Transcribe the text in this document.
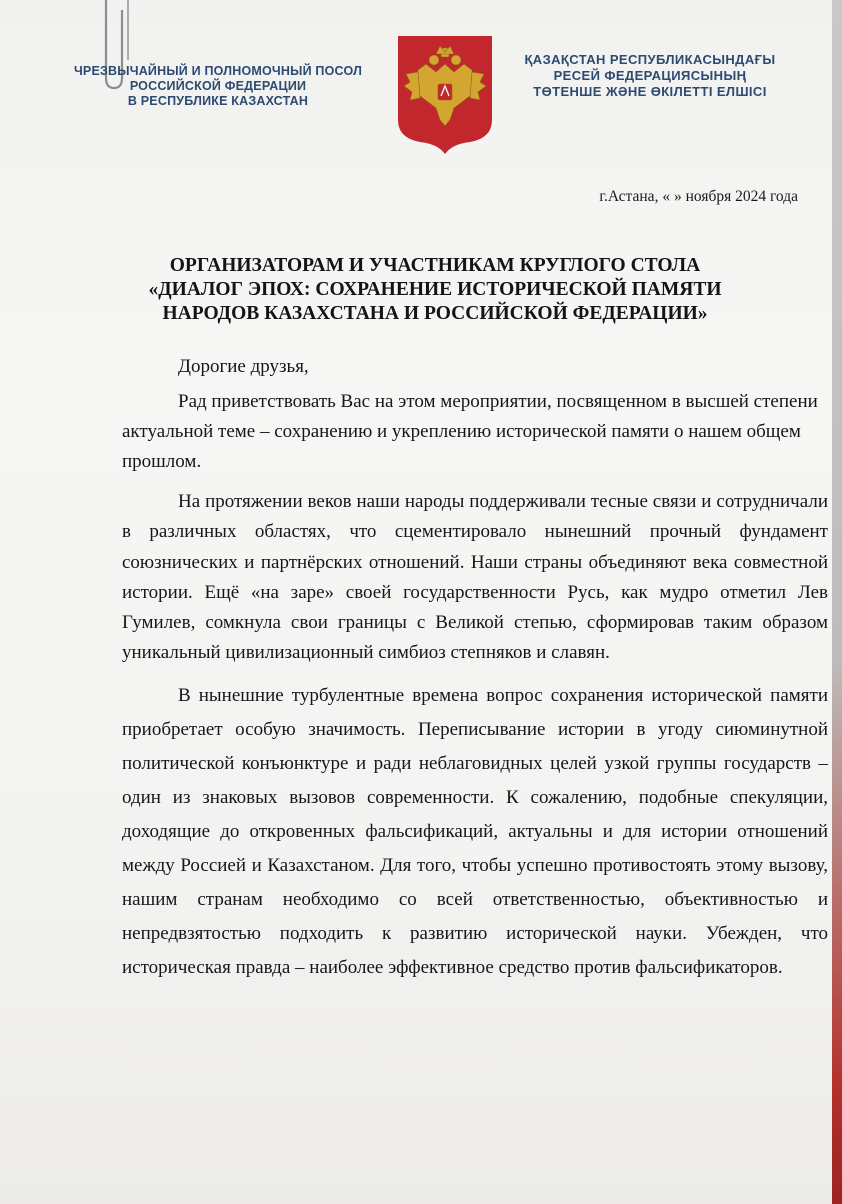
ЧРЕЗВЫЧАЙНЫЙ И ПОЛНОМОЧНЫЙ ПОСОЛ
РОССИЙСКОЙ ФЕДЕРАЦИИ
В РЕСПУБЛИКЕ КАЗАХСТАН
ҚАЗАҚСТАН РЕСПУБЛИКАСЫНДАҒЫ
РЕСЕЙ ФЕДЕРАЦИЯСЫНЫҢ
ТӨТЕНШЕ ЖӘНЕ ӨКІЛЕТТІ ЕЛШІСІ
г.Астана, « » ноября 2024 года
ОРГАНИЗАТОРАМ И УЧАСТНИКАМ КРУГЛОГО СТОЛА
«ДИАЛОГ ЭПОХ: СОХРАНЕНИЕ ИСТОРИЧЕСКОЙ ПАМЯТИ
НАРОДОВ КАЗАХСТАНА И РОССИЙСКОЙ ФЕДЕРАЦИИ»

Дорогие друзья,

Рад приветствовать Вас на этом мероприятии, посвященном в высшей степени актуальной теме – сохранению и укреплению исторической памяти о нашем общем прошлом.

На протяжении веков наши народы поддерживали тесные связи и сотрудничали в различных областях, что сцементировало нынешний прочный фундамент союзнических и партнёрских отношений. Наши страны объединяют века совместной истории. Ещё «на заре» своей государственности Русь, как мудро отметил Лев Гумилев, сомкнула свои границы с Великой степью, сформировав таким образом уникальный цивилизационный симбиоз степняков и славян.

В нынешние турбулентные времена вопрос сохранения исторической памяти приобретает особую значимость. Переписывание истории в угоду сиюминутной политической конъюнктуре и ради неблаговидных целей узкой группы государств – один из знаковых вызовов современности. К сожалению, подобные спекуляции, доходящие до откровенных фальсификаций, актуальны и для истории отношений между Россией и Казахстаном. Для того, чтобы успешно противостоять этому вызову, нашим странам необходимо со всей ответственностью, объективностью и непредвзятостью подходить к развитию исторической науки. Убежден, что историческая правда – наиболее эффективное средство против фальсификаторов.
